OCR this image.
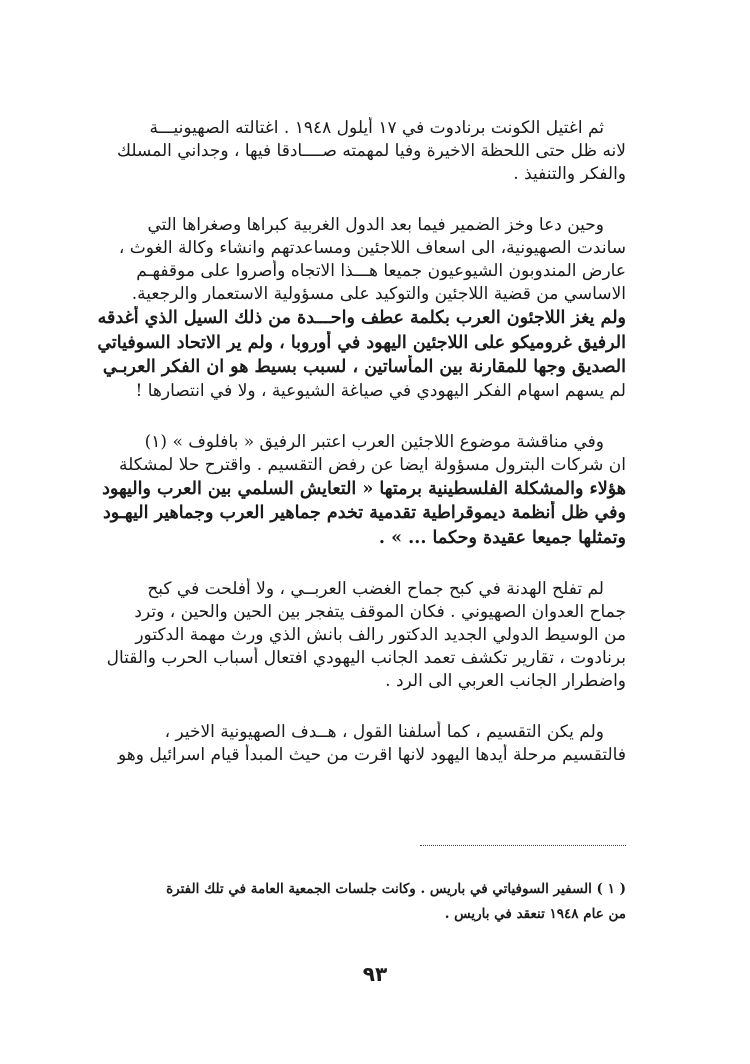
ثم اغتيل الكونت برنادوت في ١٧ أيلول ١٩٤٨ . اغتالته الصهيونيـــة
لانه ظل حتى اللحظة الاخيرة وفيا لمهمته صــــادقا فيها ، وجداني المسلك
والفكر والتنفيذ .
وحين دعا وخز الضمير فيما بعد الدول الغربية كبراها وصغراها التي
ساندت الصهيونية، الى اسعاف اللاجئين ومساعدتهم وانشاء وكالة الغوث ،
عارض المندوبون الشيوعيون جميعا هـــذا الاتجاه وأصروا على موقفهـم
الاساسي من قضية اللاجئين والتوكيد على مسؤولية الاستعمار والرجعية.
ولم يغز اللاجئون العرب بكلمة عطف واحـــدة من ذلك السيل الذي أغدقه
الرفيق غروميكو على اللاجئين اليهود في أوروبا ، ولم ير الاتحاد السوفياتي
الصديق وجها للمقارنة بين المأساتين ، لسبب بسيط هو ان الفكر العربـي
لم يسهم اسهام الفكر اليهودي في صياغة الشيوعية ، ولا في انتصارها !
وفي مناقشة موضوع اللاجئين العرب اعتبر الرفيق « بافلوف » (١)
ان شركات البترول مسؤولة ايضا عن رفض التقسيم . واقترح حلا لمشكلة
هؤلاء والمشكلة الفلسطينية برمتها « التعايش السلمي بين العرب واليهود
وفي ظل أنظمة ديموقراطية تقدمية تخدم جماهير العرب وجماهير اليهـود
وتمثلها جميعا عقيدة وحكما ... » .
لم تفلح الهدنة في كبح جماح الغضب العربــي ، ولا أفلحت في كبح
جماح العدوان الصهيوني . فكان الموقف يتفجر بين الحين والحين ، وترد
من الوسيط الدولي الجديد الدكتور رالف بانش الذي ورث مهمة الدكتور
برنادوت ، تقارير تكشف تعمد الجانب اليهودي افتعال أسباب الحرب والقتال
واضطرار الجانب العربي الى الرد .
ولم يكن التقسيم ، كما أسلفنا القول ، هــدف الصهيونية الاخير ،
فالتقسيم مرحلة أيدها اليهود لانها اقرت من حيث المبدأ قيام اسرائيل وهو
( ١ ) السفير السوفياتي في باريس . وكانت جلسات الجمعية العامة في تلك الفترة
من عام ١٩٤٨ تنعقد في باريس .
٩٣
